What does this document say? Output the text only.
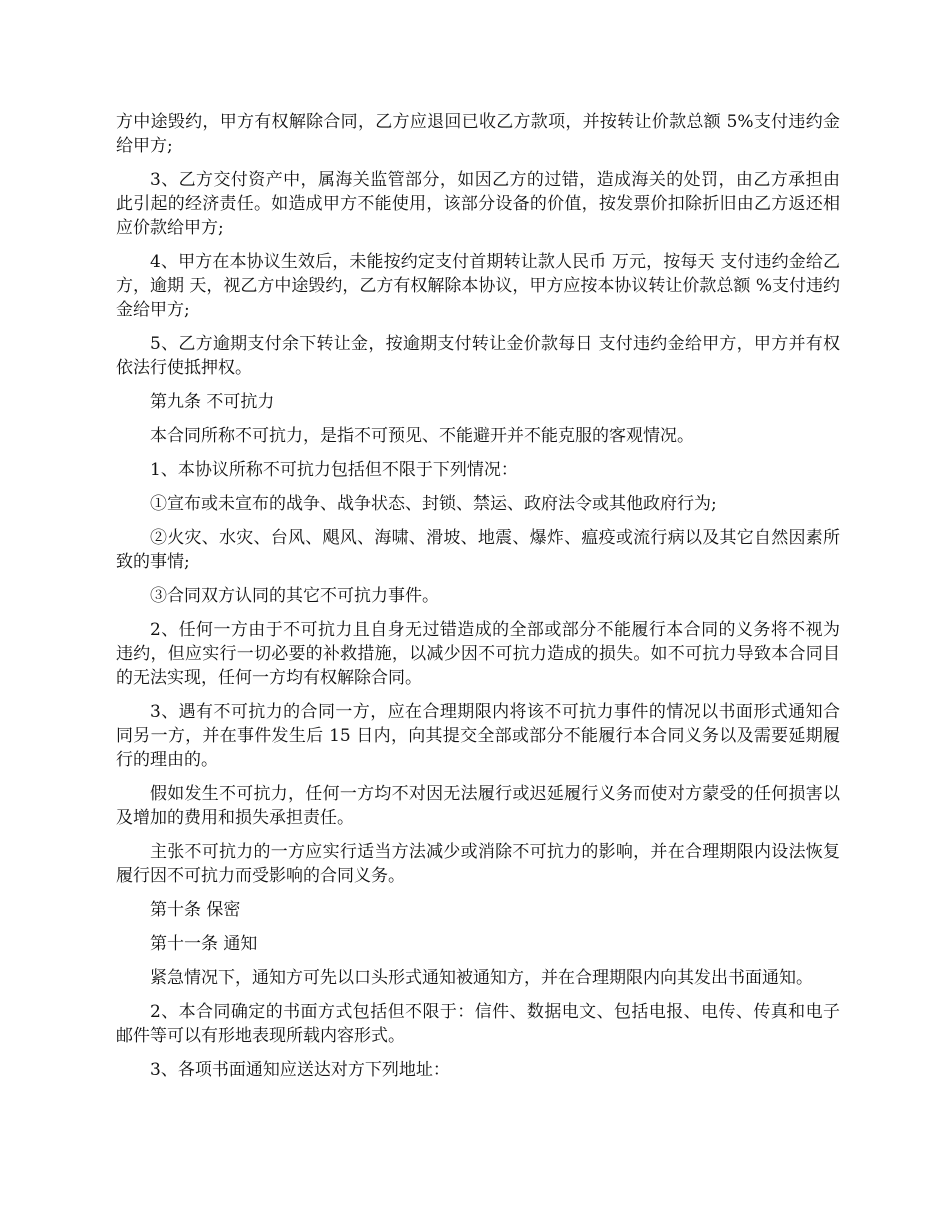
方中途毁约，甲方有权解除合同，乙方应退回已收乙方款项，并按转让价款总额 5%支付违约金给甲方;

3、乙方交付资产中，属海关监管部分，如因乙方的过错，造成海关的处罚，由乙方承担由此引起的经济责任。如造成甲方不能使用，该部分设备的价值，按发票价扣除折旧由乙方返还相应价款给甲方;

4、甲方在本协议生效后，未能按约定支付首期转让款人民币 万元，按每天 支付违约金给乙方，逾期 天，视乙方中途毁约，乙方有权解除本协议，甲方应按本协议转让价款总额 %支付违约金给甲方;

5、乙方逾期支付余下转让金，按逾期支付转让金价款每日 支付违约金给甲方，甲方并有权依法行使抵押权。

第九条 不可抗力

本合同所称不可抗力，是指不可预见、不能避开并不能克服的客观情况。

1、本协议所称不可抗力包括但不限于下列情况：

①宣布或未宣布的战争、战争状态、封锁、禁运、政府法令或其他政府行为;

②火灾、水灾、台风、飓风、海啸、滑坡、地震、爆炸、瘟疫或流行病以及其它自然因素所致的事情;

③合同双方认同的其它不可抗力事件。

2、任何一方由于不可抗力且自身无过错造成的全部或部分不能履行本合同的义务将不视为违约，但应实行一切必要的补救措施，以减少因不可抗力造成的损失。如不可抗力导致本合同目的无法实现，任何一方均有权解除合同。

3、遇有不可抗力的合同一方，应在合理期限内将该不可抗力事件的情况以书面形式通知合同另一方，并在事件发生后 15 日内，向其提交全部或部分不能履行本合同义务以及需要延期履行的理由的。

假如发生不可抗力，任何一方均不对因无法履行或迟延履行义务而使对方蒙受的任何损害以及增加的费用和损失承担责任。

主张不可抗力的一方应实行适当方法减少或消除不可抗力的影响，并在合理期限内设法恢复履行因不可抗力而受影响的合同义务。

第十条 保密

第十一条 通知

紧急情况下，通知方可先以口头形式通知被通知方，并在合理期限内向其发出书面通知。

2、本合同确定的书面方式包括但不限于：信件、数据电文、包括电报、电传、传真和电子邮件等可以有形地表现所载内容形式。

3、各项书面通知应送达对方下列地址：
